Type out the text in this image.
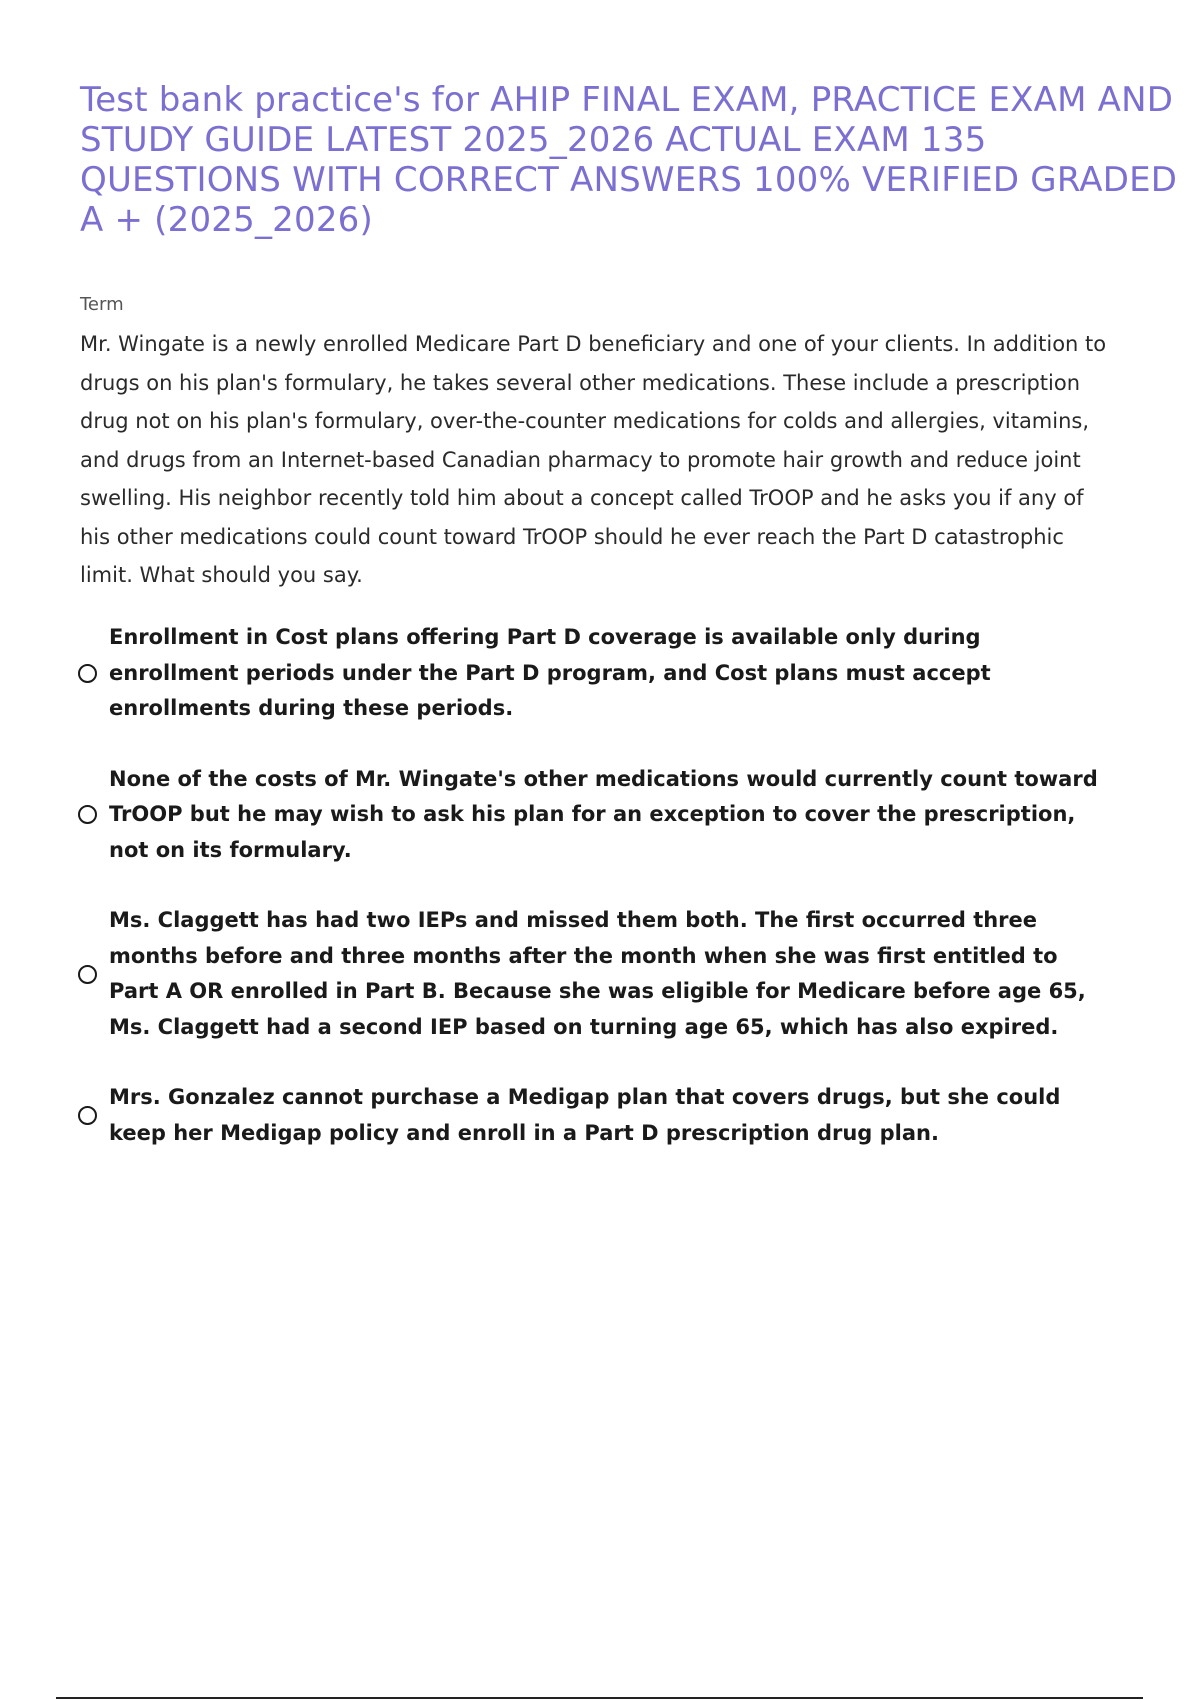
Test bank practice's for AHIP FINAL EXAM, PRACTICE EXAM AND STUDY GUIDE LATEST 2025_2026 ACTUAL EXAM 135 QUESTIONS WITH CORRECT ANSWERS 100% VERIFIED GRADED A + (2025_2026)
Term

Mr. Wingate is a newly enrolled Medicare Part D beneficiary and one of your clients. In addition to drugs on his plan's formulary, he takes several other medications. These include a prescription drug not on his plan's formulary, over-the-counter medications for colds and allergies, vitamins, and drugs from an Internet-based Canadian pharmacy to promote hair growth and reduce joint swelling. His neighbor recently told him about a concept called TrOOP and he asks you if any of his other medications could count toward TrOOP should he ever reach the Part D catastrophic limit. What should you say.

Enrollment in Cost plans offering Part D coverage is available only during enrollment periods under the Part D program, and Cost plans must accept enrollments during these periods.
None of the costs of Mr. Wingate's other medications would currently count toward TrOOP but he may wish to ask his plan for an exception to cover the prescription, not on its formulary.
Ms. Claggett has had two IEPs and missed them both. The first occurred three months before and three months after the month when she was first entitled to Part A OR enrolled in Part B. Because she was eligible for Medicare before age 65, Ms. Claggett had a second IEP based on turning age 65, which has also expired.
Mrs. Gonzalez cannot purchase a Medigap plan that covers drugs, but she could keep her Medigap policy and enroll in a Part D prescription drug plan.
